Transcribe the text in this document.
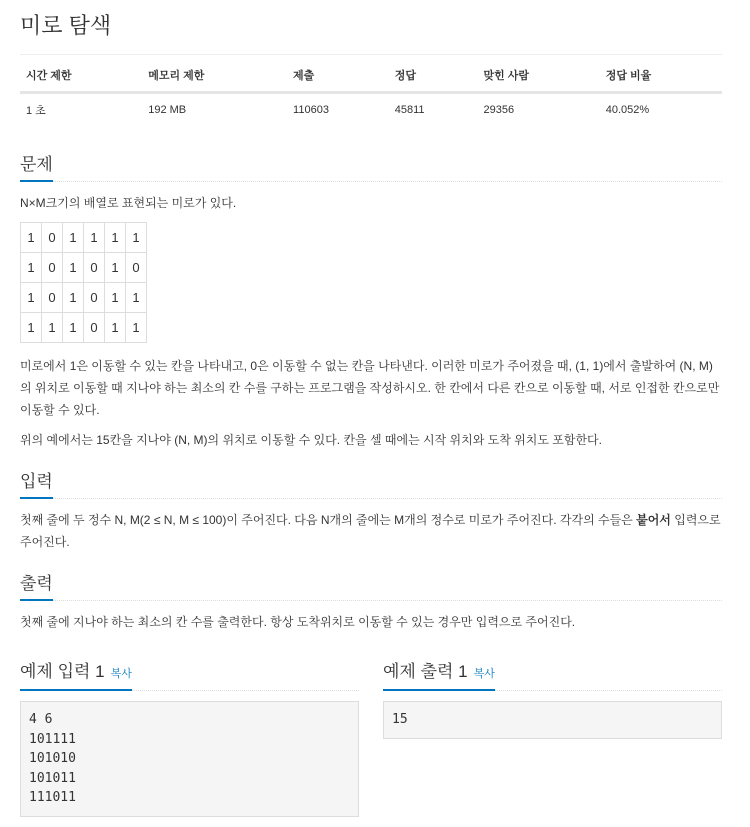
미로 탐색
시간 제한	메모리 제한	제출	정답	맞힌 사람	정답 비율
1 초	192 MB	110603	45811	29356	40.052%
문제

N×M크기의 배열로 표현되는 미로가 있다.

1	0	1	1	1	1
1	0	1	0	1	0
1	0	1	0	1	1
1	1	1	0	1	1

미로에서 1은 이동할 수 있는 칸을 나타내고, 0은 이동할 수 없는 칸을 나타낸다. 이러한 미로가 주어졌을 때, (1, 1)에서 출발하여 (N, M)의 위치로 이동할 때 지나야 하는 최소의 칸 수를 구하는 프로그램을 작성하시오. 한 칸에서 다른 칸으로 이동할 때, 서로 인접한 칸으로만 이동할 수 있다.

위의 예에서는 15칸을 지나야 (N, M)의 위치로 이동할 수 있다. 칸을 셀 때에는 시작 위치와 도착 위치도 포함한다.

입력

첫째 줄에 두 정수 N, M(2 ≤ N, M ≤ 100)이 주어진다. 다음 N개의 줄에는 M개의 정수로 미로가 주어진다. 각각의 수들은 붙어서 입력으로 주어진다.

출력

첫째 줄에 지나야 하는 최소의 칸 수를 출력한다. 항상 도착위치로 이동할 수 있는 경우만 입력으로 주어진다.

예제 입력 1 복사
4 6
101111
101010
101011
111011
예제 출력 1 복사
15
